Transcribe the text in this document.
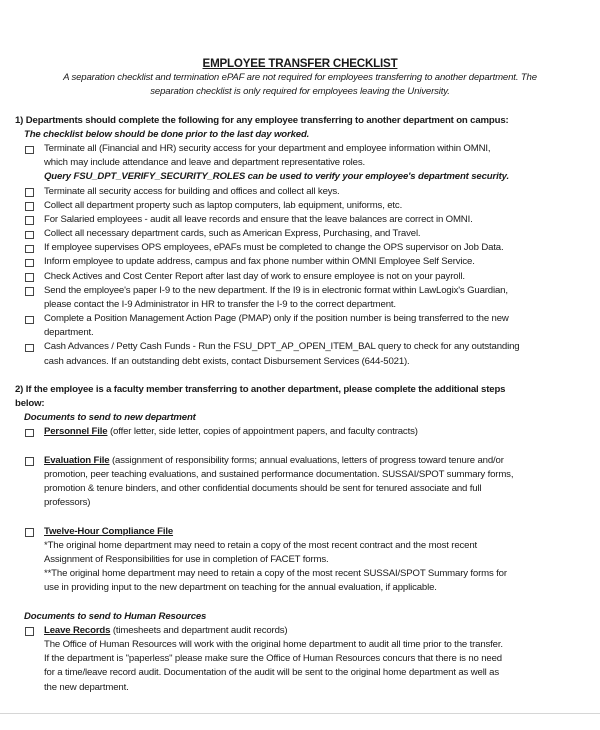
EMPLOYEE TRANSFER CHECKLIST
A separation checklist and termination ePAF are not required for employees transferring to another department. The
separation checklist is only required for employees leaving the University.
1) Departments should complete the following for any employee transferring to another department on campus:
The checklist below should be done prior to the last day worked.
Terminate all (Financial and HR) security access for your department and employee information within OMNI,
which may include attendance and leave and department representative roles.
Query FSU_DPT_VERIFY_SECURITY_ROLES can be used to verify your employee's department security.
Terminate all security access for building and offices and collect all keys.
Collect all department property such as laptop computers, lab equipment, uniforms, etc.
For Salaried employees - audit all leave records and ensure that the leave balances are correct in OMNI.
Collect all necessary department cards, such as American Express, Purchasing, and Travel.
If employee supervises OPS employees, ePAFs must be completed to change the OPS supervisor on Job Data.
Inform employee to update address, campus and fax phone number within OMNI Employee Self Service.
Check Actives and Cost Center Report after last day of work to ensure employee is not on your payroll.
Send the employee's paper I-9 to the new department. If the I9 is in electronic format within LawLogix's Guardian,
please contact the I-9 Administrator in HR to transfer the I-9 to the correct department.
Complete a Position Management Action Page (PMAP) only if the position number is being transferred to the new
department.
Cash Advances / Petty Cash Funds - Run the FSU_DPT_AP_OPEN_ITEM_BAL query to check for any outstanding
cash advances. If an outstanding debt exists, contact Disbursement Services (644-5021).
2) If the employee is a faculty member transferring to another department, please complete the additional steps
below:
Documents to send to new department
Personnel File (offer letter, side letter, copies of appointment papers, and faculty contracts)
Evaluation File (assignment of responsibility forms; annual evaluations, letters of progress toward tenure and/or
promotion, peer teaching evaluations, and sustained performance documentation. SUSSAI/SPOT summary forms,
promotion & tenure binders, and other confidential documents should be sent for tenured associate and full
professors)
Twelve-Hour Compliance File
*The original home department may need to retain a copy of the most recent contract and the most recent
Assignment of Responsibilities for use in completion of FACET forms.
**The original home department may need to retain a copy of the most recent SUSSAI/SPOT Summary forms for
use in providing input to the new department on teaching for the annual evaluation, if applicable.
Documents to send to Human Resources
Leave Records (timesheets and department audit records)
The Office of Human Resources will work with the original home department to audit all time prior to the transfer.
If the department is "paperless" please make sure the Office of Human Resources concurs that there is no need
for a time/leave record audit. Documentation of the audit will be sent to the original home department as well as
the new department.
